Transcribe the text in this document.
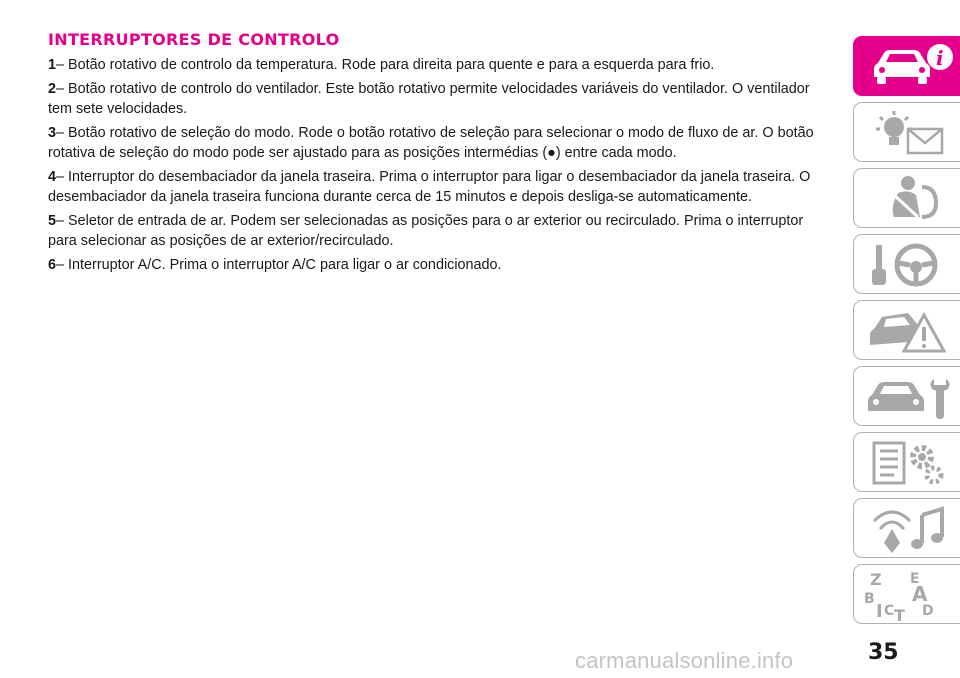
INTERRUPTORES DE CONTROLO

1– Botão rotativo de controlo da temperatura. Rode para direita para quente e para a esquerda para frio.

2– Botão rotativo de controlo do ventilador. Este botão rotativo permite velocidades variáveis do ventilador. O ventilador tem sete velocidades.

3– Botão rotativo de seleção do modo. Rode o botão rotativo de seleção para selecionar o modo de fluxo de ar. O botão rotativa de seleção do modo pode ser ajustado para as posições intermédias (●) entre cada modo.

4– Interruptor do desembaciador da janela traseira. Prima o interruptor para ligar o desembaciador da janela traseira. O desembaciador da janela traseira funciona durante cerca de 15 minutos e depois desliga-se automaticamente.

5– Seletor de entrada de ar. Podem ser selecionadas as posições para o ar exterior ou recirculado. Prima o interruptor para selecionar as posições de ar exterior/recirculado.

6– Interruptor A/C. Prima o interruptor A/C para ligar o ar condicionado.

i
Z E
A
B
I C T D
carmanualsonline.info	35
